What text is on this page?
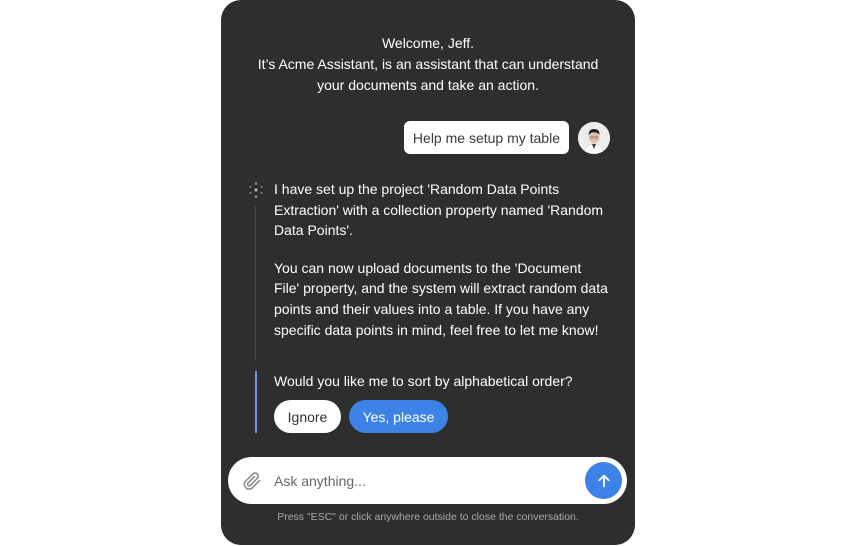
Welcome, Jeff.
It’s Acme Assistant, is an assistant that can understand
your documents and take an action.
Help me setup my table

I have set up the project 'Random Data Points Extraction' with a collection property named 'Random Data Points'.

You can now upload documents to the 'Document File' property, and the system will extract random data points and their values into a table. If you have any specific data points in mind, feel free to let me know!

Would you like me to sort by alphabetical order?
Ignore	Yes, please
Ask anything...
Press "ESC" or click anywhere outside to close the conversation.
